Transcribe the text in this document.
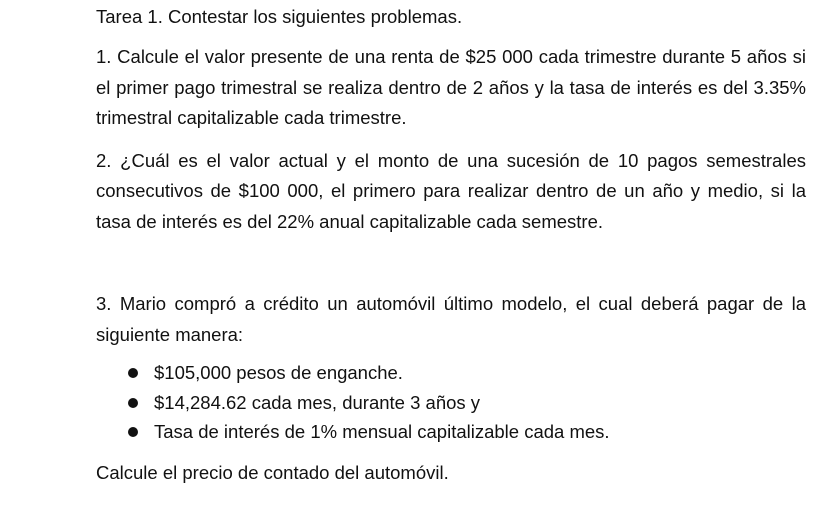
Tarea 1. Contestar los siguientes problemas.

1. Calcule el valor presente de una renta de $25 000 cada trimestre durante 5 años si el primer pago trimestral se realiza dentro de 2 años y la tasa de interés es del 3.35% trimestral capitalizable cada trimestre.

2. ¿Cuál es el valor actual y el monto de una sucesión de 10 pagos semestrales consecutivos de $100 000, el primero para realizar dentro de un año y medio, si la tasa de interés es del 22% anual capitalizable cada semestre.

3. Mario compró a crédito un automóvil último modelo, el cual deberá pagar de la siguiente manera:

$105,000 pesos de enganche.
$14,284.62 cada mes, durante 3 años y
Tasa de interés de 1% mensual capitalizable cada mes.

Calcule el precio de contado del automóvil.
